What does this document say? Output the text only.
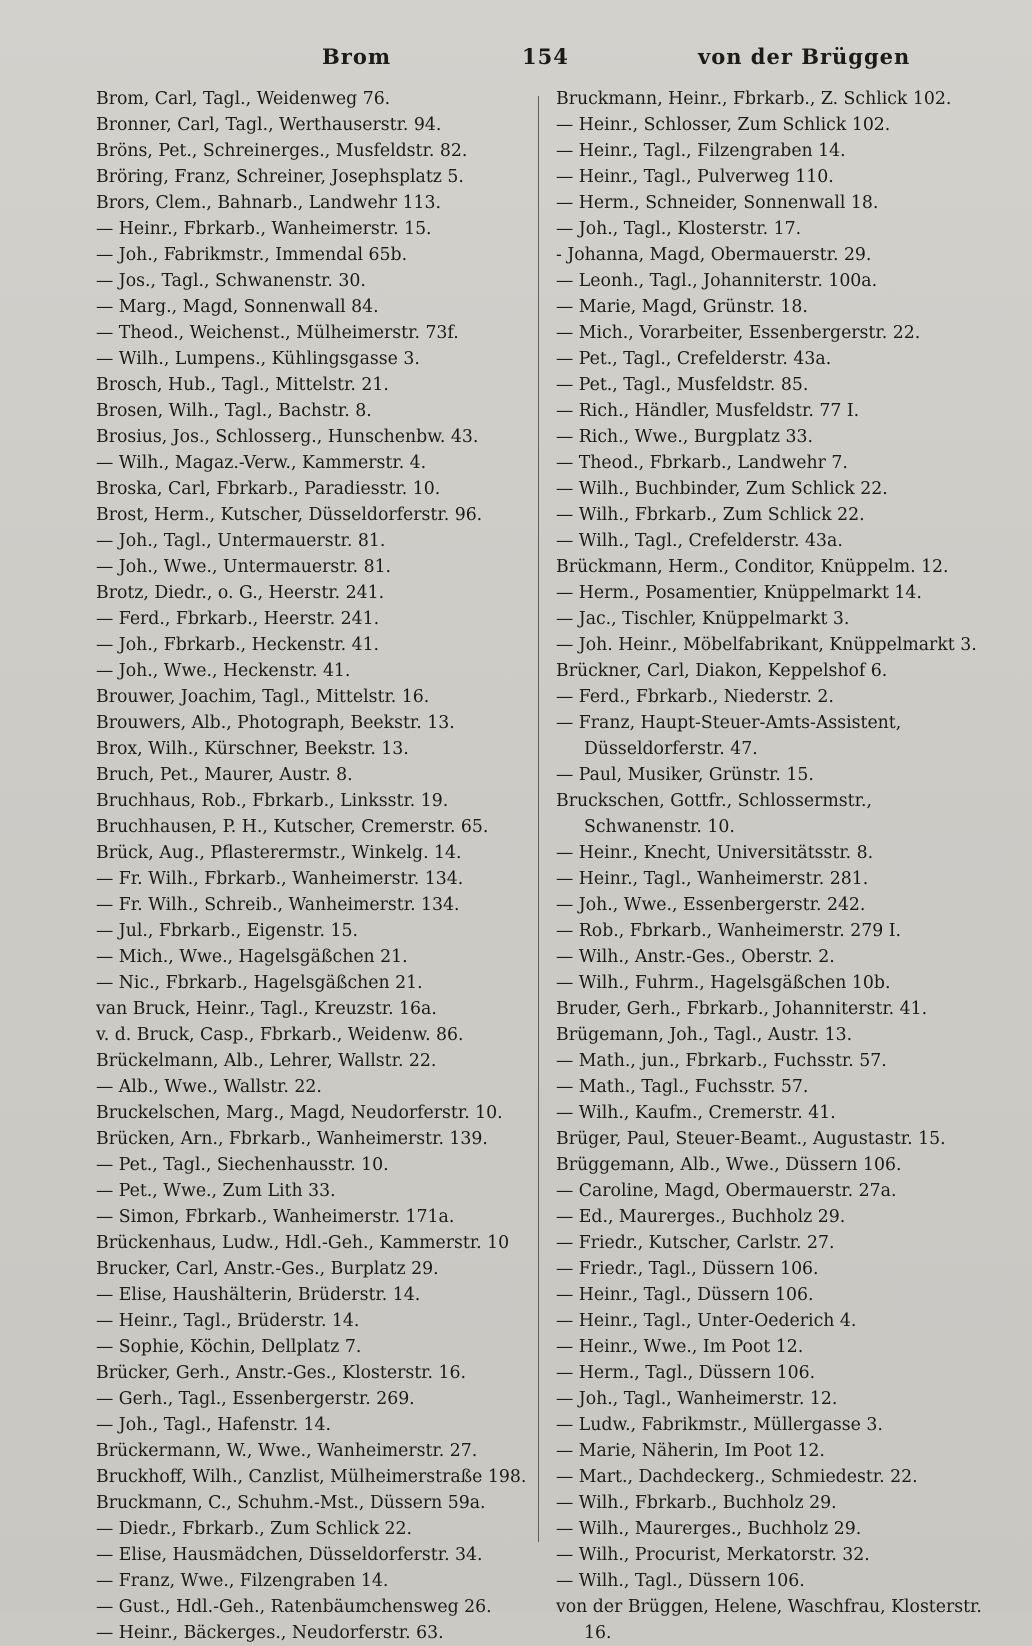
Brom	154	von der Brüggen
Brom, Carl, Tagl., Weidenweg 76.
Bronner, Carl, Tagl., Werthauserstr. 94.
Bröns, Pet., Schreinerges., Musfeldstr. 82.
Bröring, Franz, Schreiner, Josephsplatz 5.
Brors, Clem., Bahnarb., Landwehr 113.
— Heinr., Fbrkarb., Wanheimerstr. 15.
— Joh., Fabrikmstr., Immendal 65b.
— Jos., Tagl., Schwanenstr. 30.
— Marg., Magd, Sonnenwall 84.
— Theod., Weichenst., Mülheimerstr. 73f.
— Wilh., Lumpens., Kühlingsgasse 3.
Brosch, Hub., Tagl., Mittelstr. 21.
Brosen, Wilh., Tagl., Bachstr. 8.
Brosius, Jos., Schlosserg., Hunschenbw. 43.
— Wilh., Magaz.-Verw., Kammerstr. 4.
Broska, Carl, Fbrkarb., Paradiesstr. 10.
Brost, Herm., Kutscher, Düsseldorferstr. 96.
— Joh., Tagl., Untermauerstr. 81.
— Joh., Wwe., Untermauerstr. 81.
Brotz, Diedr., o. G., Heerstr. 241.
— Ferd., Fbrkarb., Heerstr. 241.
— Joh., Fbrkarb., Heckenstr. 41.
— Joh., Wwe., Heckenstr. 41.
Brouwer, Joachim, Tagl., Mittelstr. 16.
Brouwers, Alb., Photograph, Beekstr. 13.
Brox, Wilh., Kürschner, Beekstr. 13.
Bruch, Pet., Maurer, Austr. 8.
Bruchhaus, Rob., Fbrkarb., Linksstr. 19.
Bruchhausen, P. H., Kutscher, Cremerstr. 65.
Brück, Aug., Pflasterermstr., Winkelg. 14.
— Fr. Wilh., Fbrkarb., Wanheimerstr. 134.
— Fr. Wilh., Schreib., Wanheimerstr. 134.
— Jul., Fbrkarb., Eigenstr. 15.
— Mich., Wwe., Hagelsgäßchen 21.
— Nic., Fbrkarb., Hagelsgäßchen 21.
van Bruck, Heinr., Tagl., Kreuzstr. 16a.
v. d. Bruck, Casp., Fbrkarb., Weidenw. 86.
Brückelmann, Alb., Lehrer, Wallstr. 22.
— Alb., Wwe., Wallstr. 22.
Bruckelschen, Marg., Magd, Neudorferstr. 10.
Brücken, Arn., Fbrkarb., Wanheimerstr. 139.
— Pet., Tagl., Siechenhausstr. 10.
— Pet., Wwe., Zum Lith 33.
— Simon, Fbrkarb., Wanheimerstr. 171a.
Brückenhaus, Ludw., Hdl.-Geh., Kammerstr. 10
Brucker, Carl, Anstr.-Ges., Burplatz 29.
— Elise, Haushälterin, Brüderstr. 14.
— Heinr., Tagl., Brüderstr. 14.
— Sophie, Köchin, Dellplatz 7.
Brücker, Gerh., Anstr.-Ges., Klosterstr. 16.
— Gerh., Tagl., Essenbergerstr. 269.
— Joh., Tagl., Hafenstr. 14.
Brückermann, W., Wwe., Wanheimerstr. 27.
Bruckhoff, Wilh., Canzlist, Mülheimerstraße 198.
Bruckmann, C., Schuhm.-Mst., Düssern 59a.
— Diedr., Fbrkarb., Zum Schlick 22.
— Elise, Hausmädchen, Düsseldorferstr. 34.
— Franz, Wwe., Filzengraben 14.
— Gust., Hdl.-Geh., Ratenbäumchensweg 26.
— Heinr., Bäckerges., Neudorferstr. 63.
Bruckmann, Heinr., Fbrkarb., Z. Schlick 102.
— Heinr., Schlosser, Zum Schlick 102.
— Heinr., Tagl., Filzengraben 14.
— Heinr., Tagl., Pulverweg 110.
— Herm., Schneider, Sonnenwall 18.
— Joh., Tagl., Klosterstr. 17.
- Johanna, Magd, Obermauerstr. 29.
— Leonh., Tagl., Johanniterstr. 100a.
— Marie, Magd, Grünstr. 18.
— Mich., Vorarbeiter, Essenbergerstr. 22.
— Pet., Tagl., Crefelderstr. 43a.
— Pet., Tagl., Musfeldstr. 85.
— Rich., Händler, Musfeldstr. 77 I.
— Rich., Wwe., Burgplatz 33.
— Theod., Fbrkarb., Landwehr 7.
— Wilh., Buchbinder, Zum Schlick 22.
— Wilh., Fbrkarb., Zum Schlick 22.
— Wilh., Tagl., Crefelderstr. 43a.
Brückmann, Herm., Conditor, Knüppelm. 12.
— Herm., Posamentier, Knüppelmarkt 14.
— Jac., Tischler, Knüppelmarkt 3.
— Joh. Heinr., Möbelfabrikant, Knüppelmarkt 3.
Brückner, Carl, Diakon, Keppelshof 6.
— Ferd., Fbrkarb., Niederstr. 2.
— Franz, Haupt-Steuer-Amts-Assistent, Düsseldorferstr. 47.
— Paul, Musiker, Grünstr. 15.
Bruckschen, Gottfr., Schlossermstr., Schwanenstr. 10.
— Heinr., Knecht, Universitätsstr. 8.
— Heinr., Tagl., Wanheimerstr. 281.
— Joh., Wwe., Essenbergerstr. 242.
— Rob., Fbrkarb., Wanheimerstr. 279 I.
— Wilh., Anstr.-Ges., Oberstr. 2.
— Wilh., Fuhrm., Hagelsgäßchen 10b.
Bruder, Gerh., Fbrkarb., Johanniterstr. 41.
Brügemann, Joh., Tagl., Austr. 13.
— Math., jun., Fbrkarb., Fuchsstr. 57.
— Math., Tagl., Fuchsstr. 57.
— Wilh., Kaufm., Cremerstr. 41.
Brüger, Paul, Steuer-Beamt., Augustastr. 15.
Brüggemann, Alb., Wwe., Düssern 106.
— Caroline, Magd, Obermauerstr. 27a.
— Ed., Maurerges., Buchholz 29.
— Friedr., Kutscher, Carlstr. 27.
— Friedr., Tagl., Düssern 106.
— Heinr., Tagl., Düssern 106.
— Heinr., Tagl., Unter-Oederich 4.
— Heinr., Wwe., Im Poot 12.
— Herm., Tagl., Düssern 106.
— Joh., Tagl., Wanheimerstr. 12.
— Ludw., Fabrikmstr., Müllergasse 3.
— Marie, Näherin, Im Poot 12.
— Mart., Dachdeckerg., Schmiedestr. 22.
— Wilh., Fbrkarb., Buchholz 29.
— Wilh., Maurerges., Buchholz 29.
— Wilh., Procurist, Merkatorstr. 32.
— Wilh., Tagl., Düssern 106.
von der Brüggen, Helene, Waschfrau, Klosterstr. 16.
